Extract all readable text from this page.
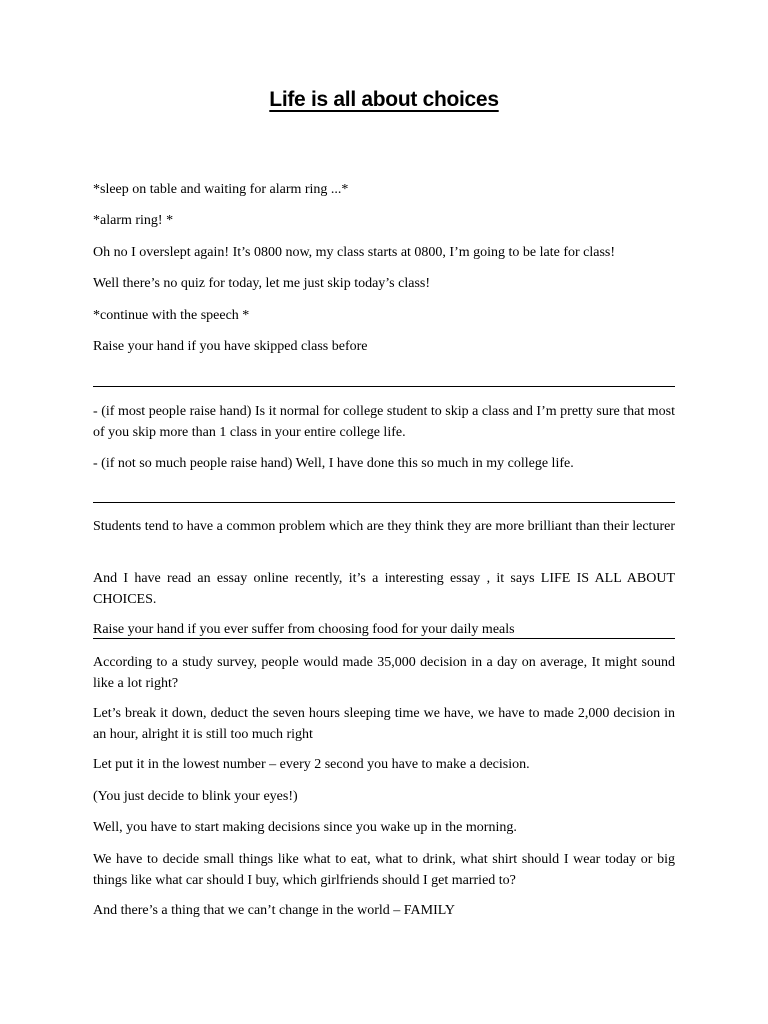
Life is all about choices
*sleep on table and waiting for alarm ring ...*
*alarm ring! *
Oh no I overslept again! It’s 0800 now, my class starts at 0800, I’m going to be late for class!
Well there’s no quiz for today, let me just skip today’s class!
*continue with the speech *
Raise your hand if you have skipped class before
- (if most people raise hand) Is it normal for college student to skip a class and I’m pretty sure that most of you skip more than 1 class in your entire college life.
- (if not so much people raise hand) Well, I have done this so much in my college life.
Students tend to have a common problem which are they think they are more brilliant than their lecturer
And I have read an essay online recently, it’s a interesting essay , it says LIFE IS ALL ABOUT CHOICES.
Raise your hand if you ever suffer from choosing food for your daily meals
According to a study survey, people would made 35,000 decision in a day on average, It might sound like a lot right?
Let’s break it down, deduct the seven hours sleeping time we have, we have to made 2,000 decision in an hour, alright it is still too much right
Let put it in the lowest number – every 2 second you have to make a decision.
(You just decide to blink your eyes!)
Well, you have to start making decisions since you wake up in the morning.
We have to decide small things like what to eat, what to drink, what shirt should I wear today or big things like what car should I buy, which girlfriends should I get married to?
And there’s a thing that we can’t change in the world – FAMILY
